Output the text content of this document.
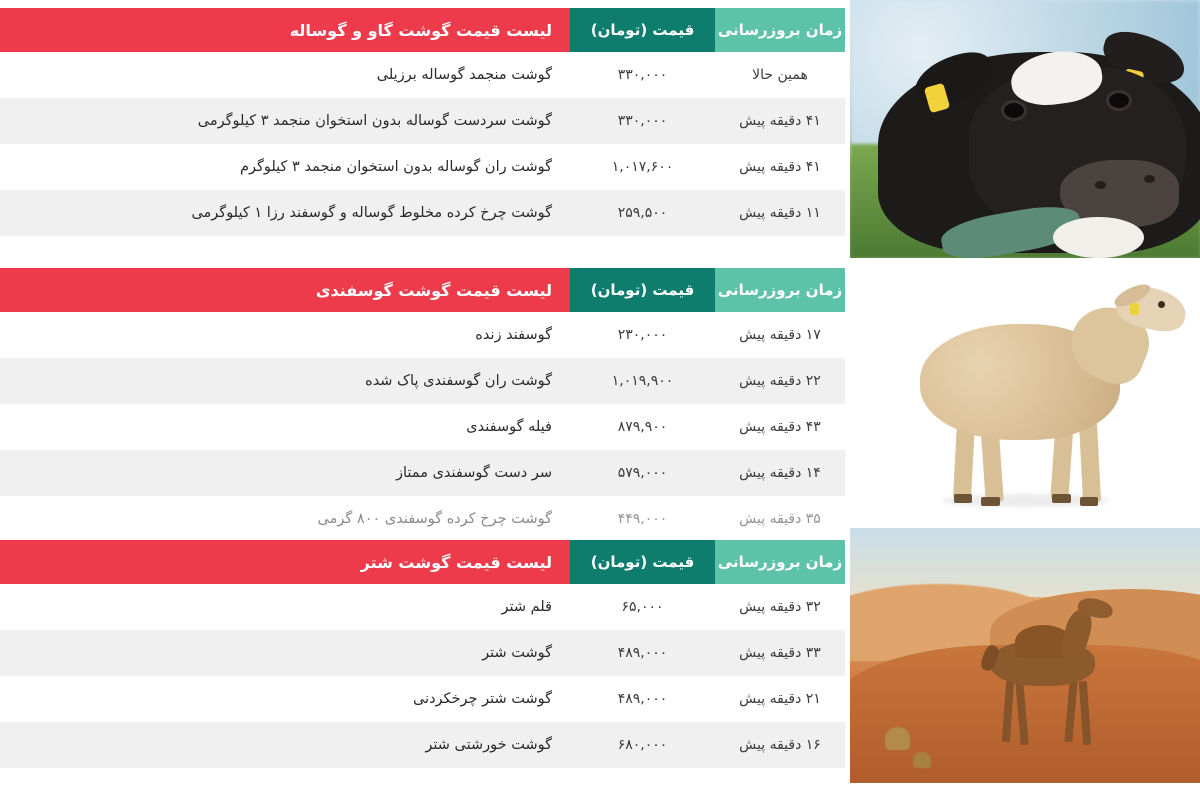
زمان بروزرسانی
قیمت (تومان)
لیست قیمت گوشت گاو و گوساله
همین حالا
۳۳۰,۰۰۰
گوشت منجمد گوساله برزیلی
۴۱ دقیقه پیش
۳۳۰,۰۰۰
گوشت سردست گوساله بدون استخوان منجمد ۳ کیلوگرمی
۴۱ دقیقه پیش
۱,۰۱۷,۶۰۰
گوشت ران گوساله بدون استخوان منجمد ۳ کیلوگرم
۱۱ دقیقه پیش
۲۵۹,۵۰۰
گوشت چرخ کرده مخلوط گوساله و گوسفند رزا ۱ کیلوگرمی
زمان بروزرسانی
قیمت (تومان)
لیست قیمت گوشت گوسفندی
۱۷ دقیقه پیش
۲۳۰,۰۰۰
گوسفند زنده
۲۲ دقیقه پیش
۱,۰۱۹,۹۰۰
گوشت ران گوسفندی پاک شده
۴۳ دقیقه پیش
۸۷۹,۹۰۰
فیله گوسفندی
۱۴ دقیقه پیش
۵۷۹,۰۰۰
سر دست گوسفندی ممتاز
۳۵ دقیقه پیش
۴۴۹,۰۰۰
گوشت چرخ کرده گوسفندی ۸۰۰ گرمی
زمان بروزرسانی
قیمت (تومان)
لیست قیمت گوشت شتر
۳۲ دقیقه پیش
۶۵,۰۰۰
قلم شتر
۳۳ دقیقه پیش
۴۸۹,۰۰۰
گوشت شتر
۲۱ دقیقه پیش
۴۸۹,۰۰۰
گوشت شتر چرخکردنی
۱۶ دقیقه پیش
۶۸۰,۰۰۰
گوشت خورشتی شتر
